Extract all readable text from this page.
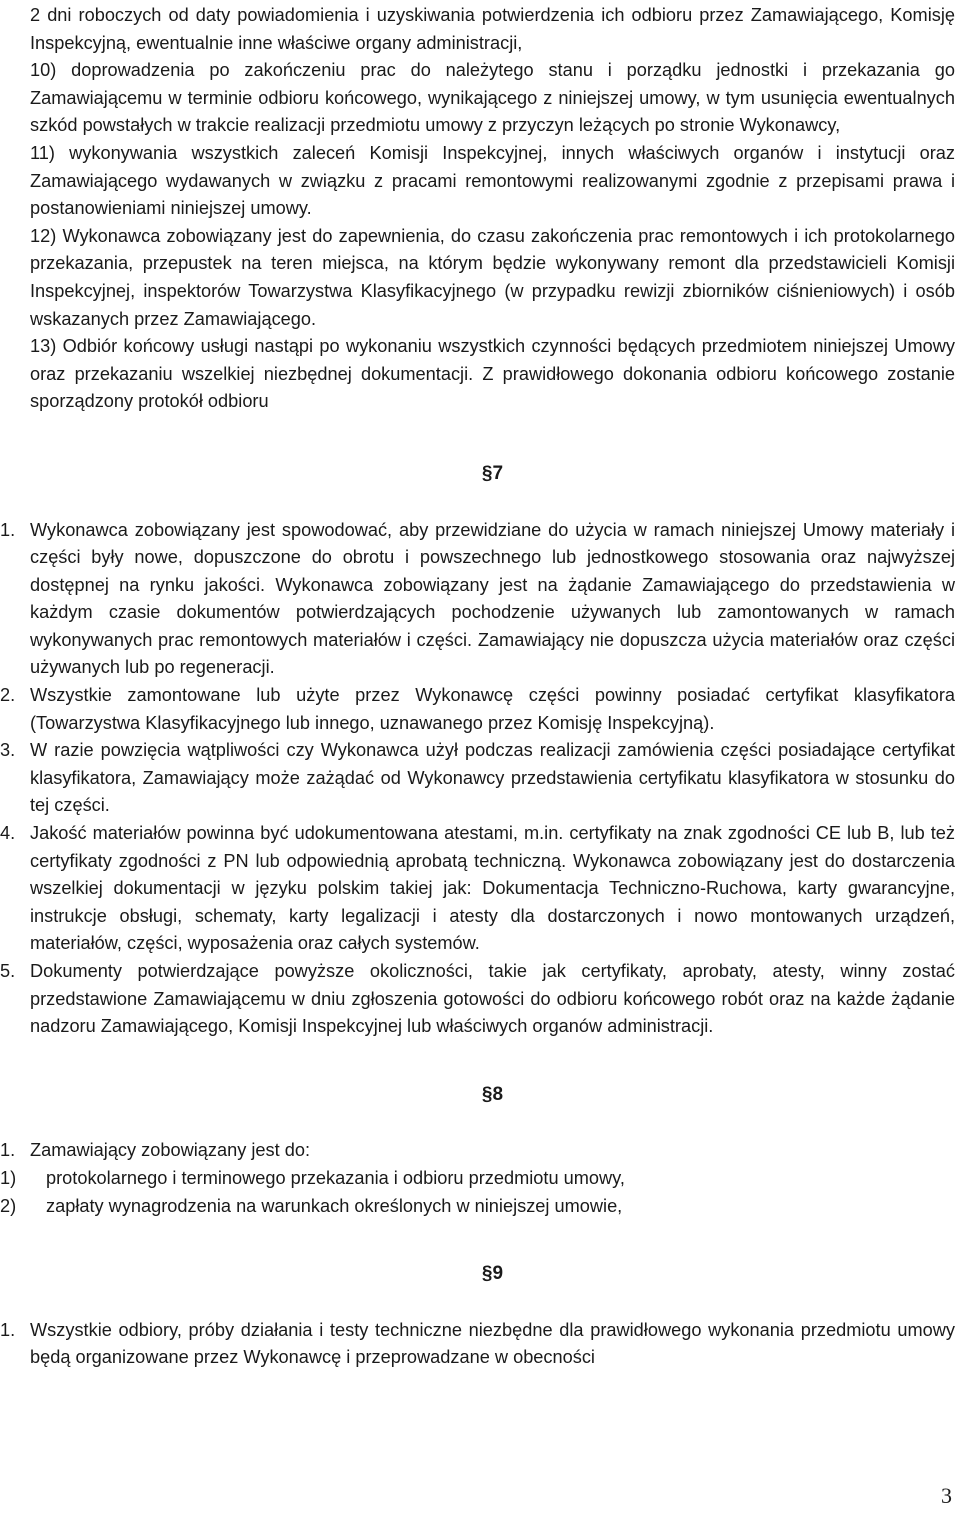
2 dni roboczych od daty powiadomienia i uzyskiwania potwierdzenia ich odbioru przez Zamawiającego, Komisję Inspekcyjną, ewentualnie inne właściwe organy administracji,

10) doprowadzenia po zakończeniu prac do należytego stanu i porządku jednostki i przekazania go Zamawiającemu w terminie odbioru końcowego, wynikającego z niniejszej umowy, w tym usunięcia ewentualnych szkód powstałych w trakcie realizacji przedmiotu umowy z przyczyn leżących po stronie Wykonawcy,

11) wykonywania wszystkich zaleceń Komisji Inspekcyjnej, innych właściwych organów i instytucji oraz Zamawiającego wydawanych w związku z pracami remontowymi realizowanymi zgodnie z przepisami prawa i postanowieniami niniejszej umowy.

12) Wykonawca zobowiązany jest do zapewnienia, do czasu zakończenia prac remontowych i ich protokolarnego przekazania, przepustek na teren miejsca, na którym będzie wykonywany remont dla przedstawicieli Komisji Inspekcyjnej, inspektorów Towarzystwa Klasyfikacyjnego (w przypadku rewizji zbiorników ciśnieniowych) i osób wskazanych przez Zamawiającego.

13) Odbiór końcowy usługi nastąpi po wykonaniu wszystkich czynności będących przedmiotem niniejszej Umowy oraz przekazaniu wszelkiej niezbędnej dokumentacji. Z prawidłowego dokonania odbioru końcowego zostanie sporządzony protokół odbioru

§7
1. Wykonawca zobowiązany jest spowodować, aby przewidziane do użycia w ramach niniejszej Umowy materiały i części były nowe, dopuszczone do obrotu i powszechnego lub jednostkowego stosowania oraz najwyższej dostępnej na rynku jakości. Wykonawca zobowiązany jest na żądanie Zamawiającego do przedstawienia w każdym czasie dokumentów potwierdzających pochodzenie używanych lub zamontowanych w ramach wykonywanych prac remontowych materiałów i części. Zamawiający nie dopuszcza użycia materiałów oraz części używanych lub po regeneracji.
2. Wszystkie zamontowane lub użyte przez Wykonawcę części powinny posiadać certyfikat klasyfikatora (Towarzystwa Klasyfikacyjnego lub innego, uznawanego przez Komisję Inspekcyjną).
3. W razie powzięcia wątpliwości czy Wykonawca użył podczas realizacji zamówienia części posiadające certyfikat klasyfikatora, Zamawiający może zażądać od Wykonawcy przedstawienia certyfikatu klasyfikatora w stosunku do tej części.
4. Jakość materiałów powinna być udokumentowana atestami, m.in. certyfikaty na znak zgodności CE lub B, lub też certyfikaty zgodności z PN lub odpowiednią aprobatą techniczną. Wykonawca zobowiązany jest do dostarczenia wszelkiej dokumentacji w języku polskim takiej jak: Dokumentacja Techniczno-Ruchowa, karty gwarancyjne, instrukcje obsługi, schematy, karty legalizacji i atesty dla dostarczonych i nowo montowanych urządzeń, materiałów, części, wyposażenia oraz całych systemów.
5. Dokumenty potwierdzające powyższe okoliczności, takie jak certyfikaty, aprobaty, atesty, winny zostać przedstawione Zamawiającemu w dniu zgłoszenia gotowości do odbioru końcowego robót oraz na każde żądanie nadzoru Zamawiającego, Komisji Inspekcyjnej lub właściwych organów administracji.
§8
1. Zamawiający zobowiązany jest do:
1) protokolarnego i terminowego przekazania i odbioru przedmiotu umowy,
2) zapłaty wynagrodzenia na warunkach określonych w niniejszej umowie,
§9
1. Wszystkie odbiory, próby działania i testy techniczne niezbędne dla prawidłowego wykonania przedmiotu umowy będą organizowane przez Wykonawcę i przeprowadzane w obecności
3
